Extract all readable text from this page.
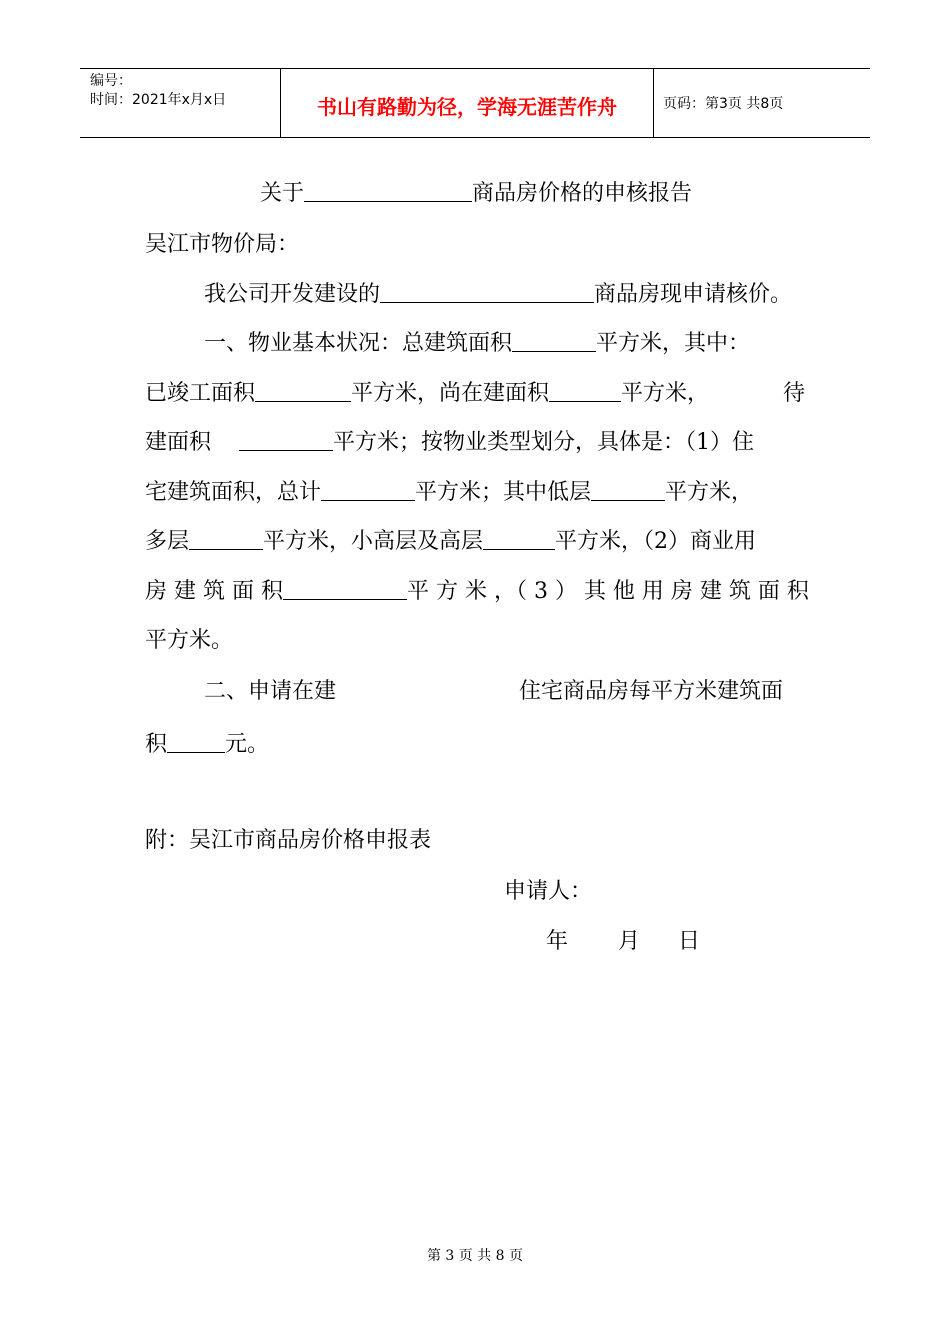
编号：
时间：2021年x月x日	书山有路勤为径，学海无涯苦作舟	页码：第3页 共8页
关于	商品房价格的申核报告
吴江市物价局：
我公司开发建设的	商品房现申请核价。
一、物业基本状况：总建筑面积	平方米，其中：
已竣工面积	平方米，尚在建面积	平方米，	待
建面积	平方米；按物业类型划分，具体是：（1）住
宅建筑面积，总计	平方米；其中低层	平方米，
多层	平方米，小高层及高层	平方米，（2）商业用
房 建 筑 面 积	平 方 米 ，（ 3 ） 其 他 用 房 建 筑 面 积
平方米。
二、申请在建	住宅商品房每平方米建筑面
积	元。
附：吴江市商品房价格申报表
申请人：
年 月 日
第 3 页 共 8 页
